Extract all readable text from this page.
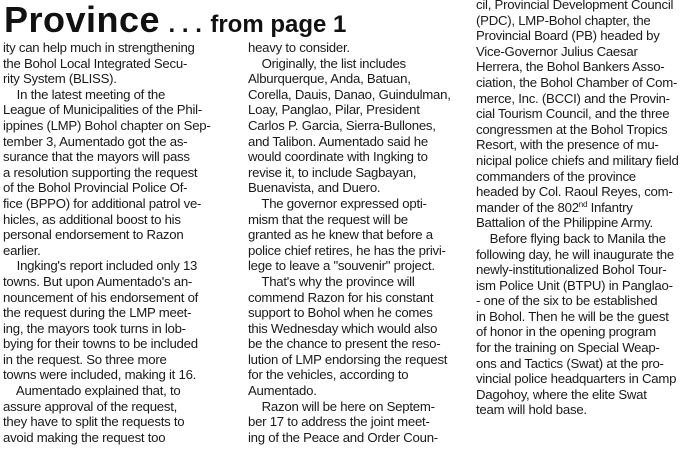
Province . . . from page 1
ity can help much in strengthening
the Bohol Local Integrated Secu-
rity System (BLISS).
In the latest meeting of the
League of Municipalities of the Phil-
ippines (LMP) Bohol chapter on Sep-
tember 3, Aumentado got the as-
surance that the mayors will pass
a resolution supporting the request
of the Bohol Provincial Police Of-
fice (BPPO) for additional patrol ve-
hicles, as additional boost to his
personal endorsement to Razon
earlier.
Ingking's report included only 13
towns. But upon Aumentado's an-
nouncement of his endorsement of
the request during the LMP meet-
ing, the mayors took turns in lob-
bying for their towns to be included
in the request. So three more
towns were included, making it 16.
Aumentado explained that, to
assure approval of the request,
they have to split the requests to
avoid making the request too
heavy to consider.
Originally, the list includes
Alburquerque, Anda, Batuan,
Corella, Dauis, Danao, Guindulman,
Loay, Panglao, Pilar, President
Carlos P. Garcia, Sierra-Bullones,
and Talibon. Aumentado said he
would coordinate with Ingking to
revise it, to include Sagbayan,
Buenavista, and Duero.
The governor expressed opti-
mism that the request will be
granted as he knew that before a
police chief retires, he has the privi-
lege to leave a "souvenir" project.
That's why the province will
commend Razon for his constant
support to Bohol when he comes
this Wednesday which would also
be the chance to present the reso-
lution of LMP endorsing the request
for the vehicles, according to
Aumentado.
Razon will be here on Septem-
ber 17 to address the joint meet-
ing of the Peace and Order Coun-
cil, Provincial Development Council
(PDC), LMP-Bohol chapter, the
Provincial Board (PB) headed by
Vice-Governor Julius Caesar
Herrera, the Bohol Bankers Asso-
ciation, the Bohol Chamber of Com-
merce, Inc. (BCCI) and the Provin-
cial Tourism Council, and the three
congressmen at the Bohol Tropics
Resort, with the presence of mu-
nicipal police chiefs and military field
commanders of the province
headed by Col. Raoul Reyes, com-
mander of the 802nd Infantry
Battalion of the Philippine Army.
Before flying back to Manila the
following day, he will inaugurate the
newly-institutionalized Bohol Tour-
ism Police Unit (BTPU) in Panglao-
- one of the six to be established
in Bohol. Then he will be the guest
of honor in the opening program
for the training on Special Weap-
ons and Tactics (Swat) at the pro-
vincial police headquarters in Camp
Dagohoy, where the elite Swat
team will hold base.
